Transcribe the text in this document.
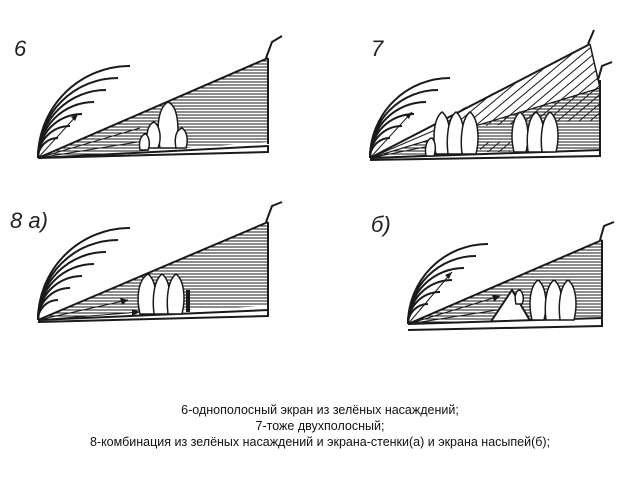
6	7
8 а)	б)
6-однополосный экран из зелёных насаждений;
7-тоже двухполосный;
8-комбинация из зелёных насаждений и экрана-стенки(а) и экрана насыпей(б);
